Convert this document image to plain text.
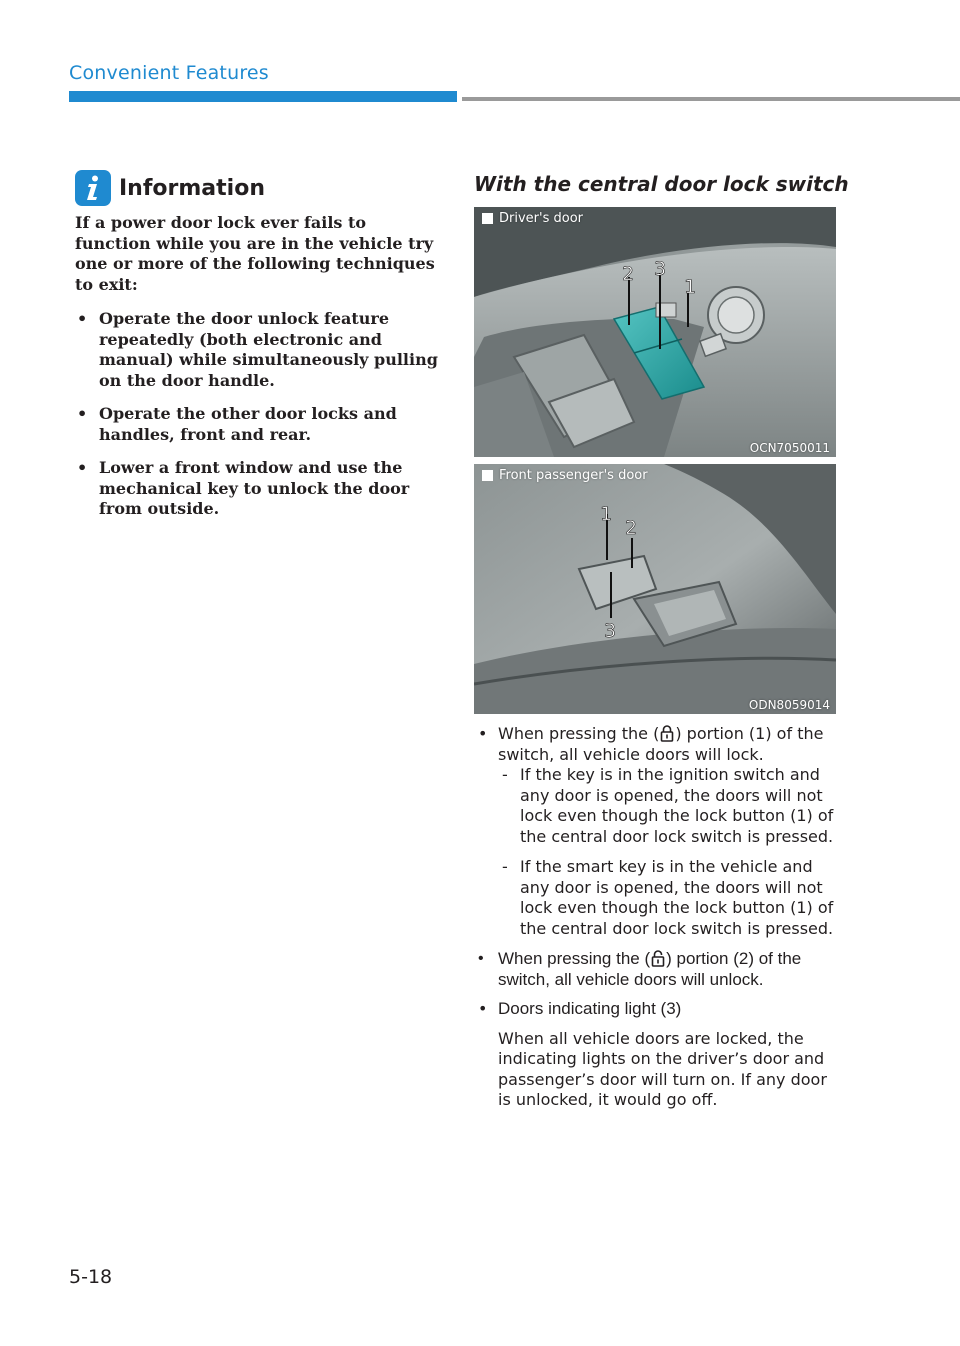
Convenient Features
Information

If a power door lock ever fails to function while you are in the vehicle try one or more of the following techniques to exit:

• Operate the door unlock feature repeatedly (both electronic and manual) while simultaneously pulling on the door handle.
• Operate the other door locks and handles, front and rear.
• Lower a front window and use the mechanical key to unlock the door from outside.
With the central door lock switch
2 3
1
Driver's door
OCN7050011
1
2
3
Front passenger's door
ODN8059014
• When pressing the ( ) portion (1) of the switch, all vehicle doors will lock.
- If the key is in the ignition switch and any door is opened, the doors will not lock even though the lock button (1) of the central door lock switch is pressed.
- If the smart key is in the vehicle and any door is opened, the doors will not lock even though the lock button (1) of the central door lock switch is pressed.
• When pressing the ( ) portion (2) of the switch, all vehicle doors will unlock.
• Doors indicating light (3)
When all vehicle doors are locked, the indicating lights on the driver’s door and passenger’s door will turn on. If any door is unlocked, it would go off.
5-18
